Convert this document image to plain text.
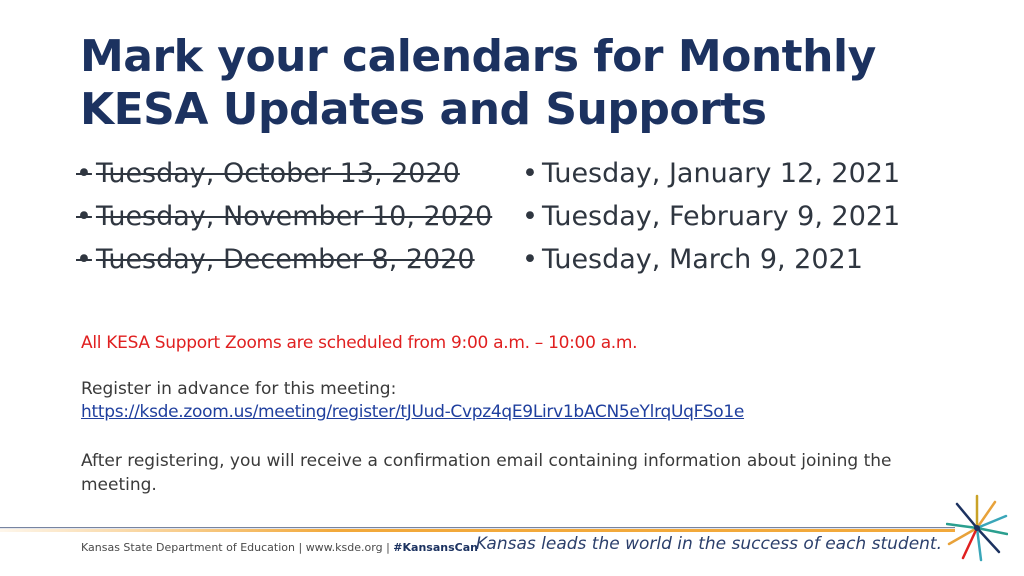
Mark your calendars for Monthly
KESA Updates and Supports
• Tuesday, October 13, 2020
• Tuesday, November 10, 2020
• Tuesday, December 8, 2020
• Tuesday, January 12, 2021
• Tuesday, February 9, 2021
• Tuesday, March 9, 2021
All KESA Support Zooms are scheduled from 9:00 a.m. – 10:00 a.m.
Register in advance for this meeting:
https://ksde.zoom.us/meeting/register/tJUud-Cvpz4qE9Lirv1bACN5eYlrqUqFSo1e
After registering, you will receive a confirmation email containing information about joining the meeting.
Kansas State Department of Education | www.ksde.org | #KansansCan
Kansas leads the world in the success of each student.
